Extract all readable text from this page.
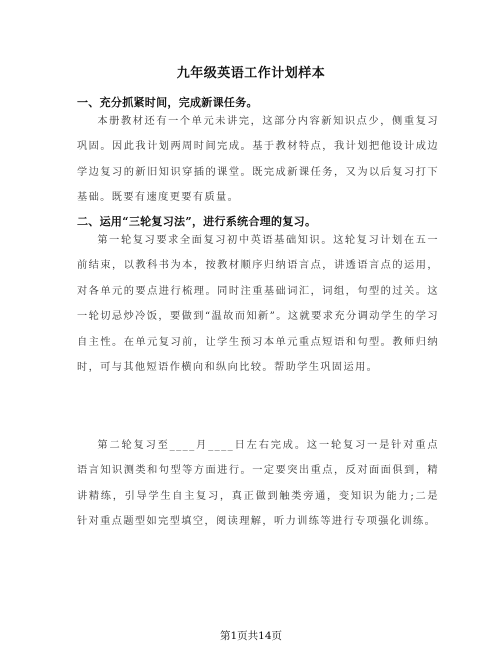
九年级英语工作计划样本
一、充分抓紧时间，完成新课任务。
本册教材还有一个单元未讲完，这部分内容新知识点少，侧重复习巩固。因此我计划两周时间完成。基于教材特点，我计划把他设计成边学边复习的新旧知识穿插的课堂。既完成新课任务，又为以后复习打下基础。既要有速度更要有质量。
二、运用“三轮复习法”，进行系统合理的复习。
第一轮复习要求全面复习初中英语基础知识。这轮复习计划在五一前结束，以教科书为本，按教材顺序归纳语言点，讲透语言点的运用，对各单元的要点进行梳理。同时注重基础词汇，词组，句型的过关。这一轮切忌炒冷饭，要做到“温故而知新”。这就要求充分调动学生的学习自主性。在单元复习前，让学生预习本单元重点短语和句型。教师归纳时，可与其他短语作横向和纵向比较。帮助学生巩固运用。
第二轮复习至____月____日左右完成。这一轮复习一是针对重点语言知识测类和句型等方面进行。一定要突出重点，反对面面俱到，精讲精练，引导学生自主复习，真正做到触类旁通，变知识为能力;二是针对重点题型如完型填空，阅读理解，听力训练等进行专项强化训练。
第1页共14页
